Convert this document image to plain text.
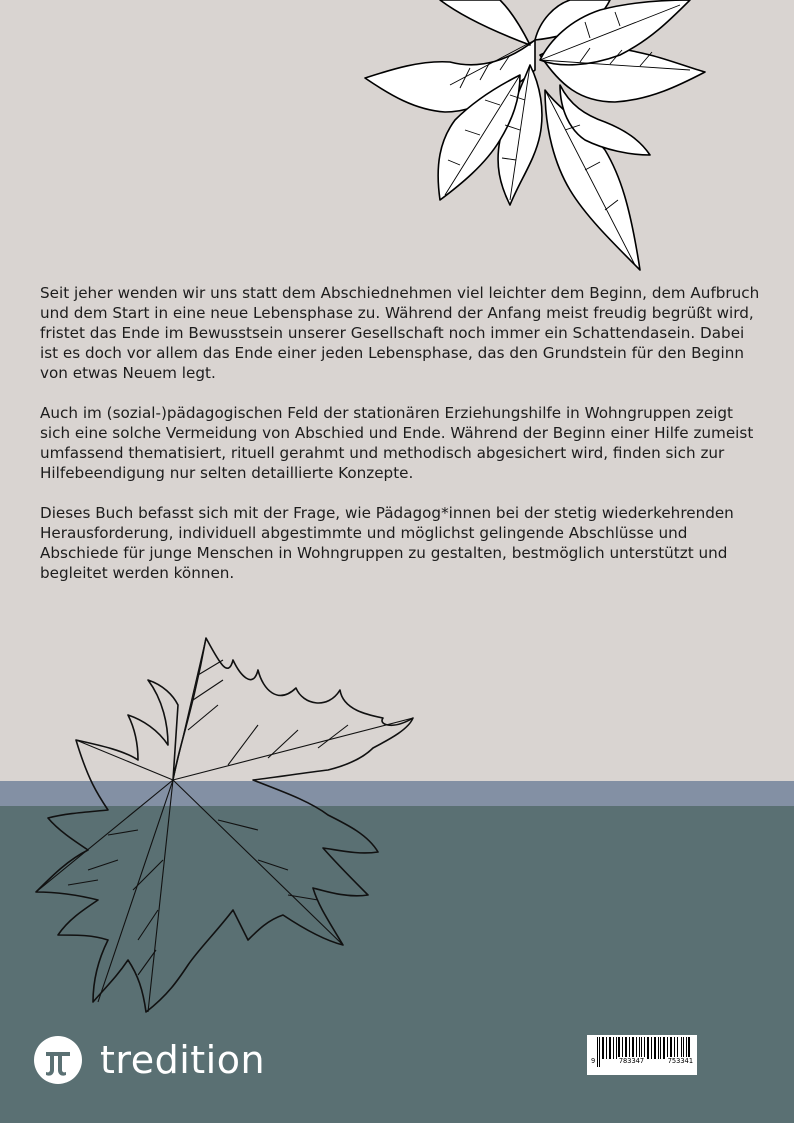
Seit jeher wenden wir uns statt dem Abschiednehmen viel leichter dem Beginn, dem Aufbruch und dem Start in eine neue Lebensphase zu. Während der Anfang meist freudig begrüßt wird, fristet das Ende im Bewusstsein unserer Gesellschaft noch immer ein Schattendasein. Dabei ist es doch vor allem das Ende einer jeden Lebensphase, das den Grundstein für den Beginn von etwas Neuem legt.

Auch im (sozial-)pädagogischen Feld der stationären Erziehungshilfe in Wohngruppen zeigt sich eine solche Vermeidung von Abschied und Ende. Während der Beginn einer Hilfe zumeist umfassend thematisiert, rituell gerahmt und methodisch abgesichert wird, finden sich zur Hilfebeendigung nur selten detaillierte Konzepte.

Dieses Buch befasst sich mit der Frage, wie Pädagog*innen bei der stetig wiederkehrenden Herausforderung, individuell abgestimmte und möglichst gelingende Abschlüsse und Abschiede für junge Menschen in Wohngruppen zu gestalten, bestmöglich unterstützt und begleitet werden können.

tredition	9	783347	753341
